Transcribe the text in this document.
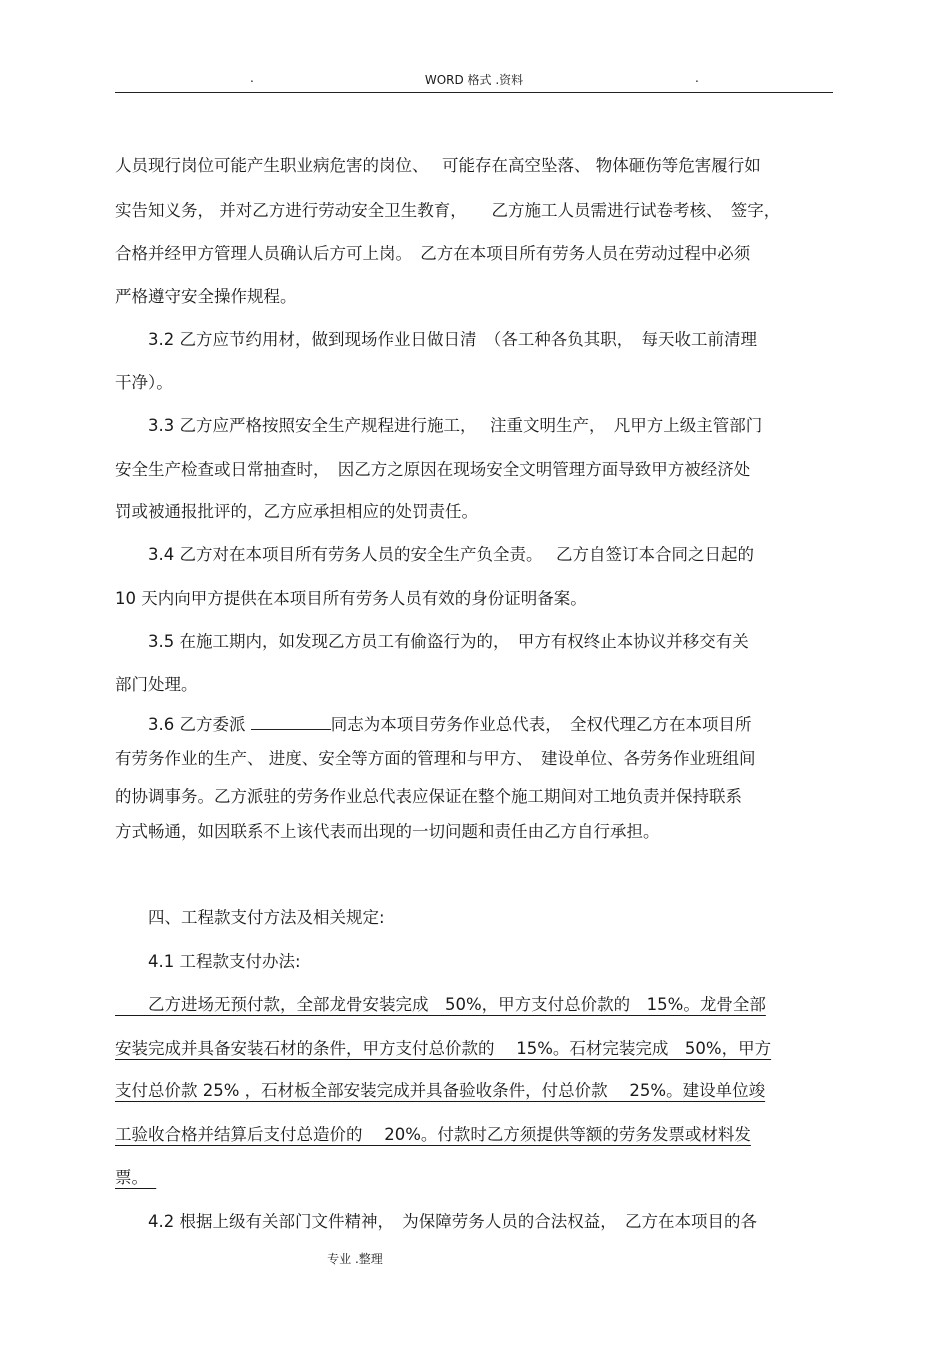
.	WORD 格式 .资料	.
人员现行岗位可能产生职业病危害的岗位、　 可能存在高空坠落、 物体砸伤等危害履行如
实告知义务， 并对乙方进行劳动安全卫生教育，　　乙方施工人员需进行试卷考核、　签字，
合格并经甲方管理人员确认后方可上岗。　乙方在本项目所有劳务人员在劳动过程中必须
严格遵守安全操作规程。
　　3.2 乙方应节约用材，做到现场作业日做日清　（各工种各负其职，　每天收工前清理
干净）。
　　3.3 乙方应严格按照安全生产规程进行施工，　 注重文明生产，　凡甲方上级主管部门
安全生产检查或日常抽查时，　因乙方之原因在现场安全文明管理方面导致甲方被经济处
罚或被通报批评的，乙方应承担相应的处罚责任。
　　3.4 乙方对在本项目所有劳务人员的安全生产负全责。　 乙方自签订本合同之日起的
10 天内向甲方提供在本项目所有劳务人员有效的身份证明备案。
　　3.5 在施工期内，如发现乙方员工有偷盗行为的，　甲方有权终止本协议并移交有关
部门处理。
　　3.6 乙方委派	同志为本项目劳务作业总代表，　全权代理乙方在本项目所
有劳务作业的生产、 进度、安全等方面的管理和与甲方、　建设单位、各劳务作业班组间
的协调事务。乙方派驻的劳务作业总代表应保证在整个施工期间对工地负责并保持联系
方式畅通，如因联系不上该代表而出现的一切问题和责任由乙方自行承担。
　　四、工程款支付方法及相关规定:
　　4.1 工程款支付办法:
　　乙方进场无预付款，全部龙骨安装完成　50%，甲方支付总价款的　15%。龙骨全部
安装完成并具备安装石材的条件，甲方支付总价款的　 15%。石材完装完成　50%，甲方
支付总价款 25% ，石材板全部安装完成并具备验收条件，付总价款　 25%。建设单位竣
工验收合格并结算后支付总造价的　 20%。付款时乙方须提供等额的劳务发票或材料发
票。　
　　4.2 根据上级有关部门文件精神，　为保障劳务人员的合法权益，　乙方在本项目的各
专业 .整理
